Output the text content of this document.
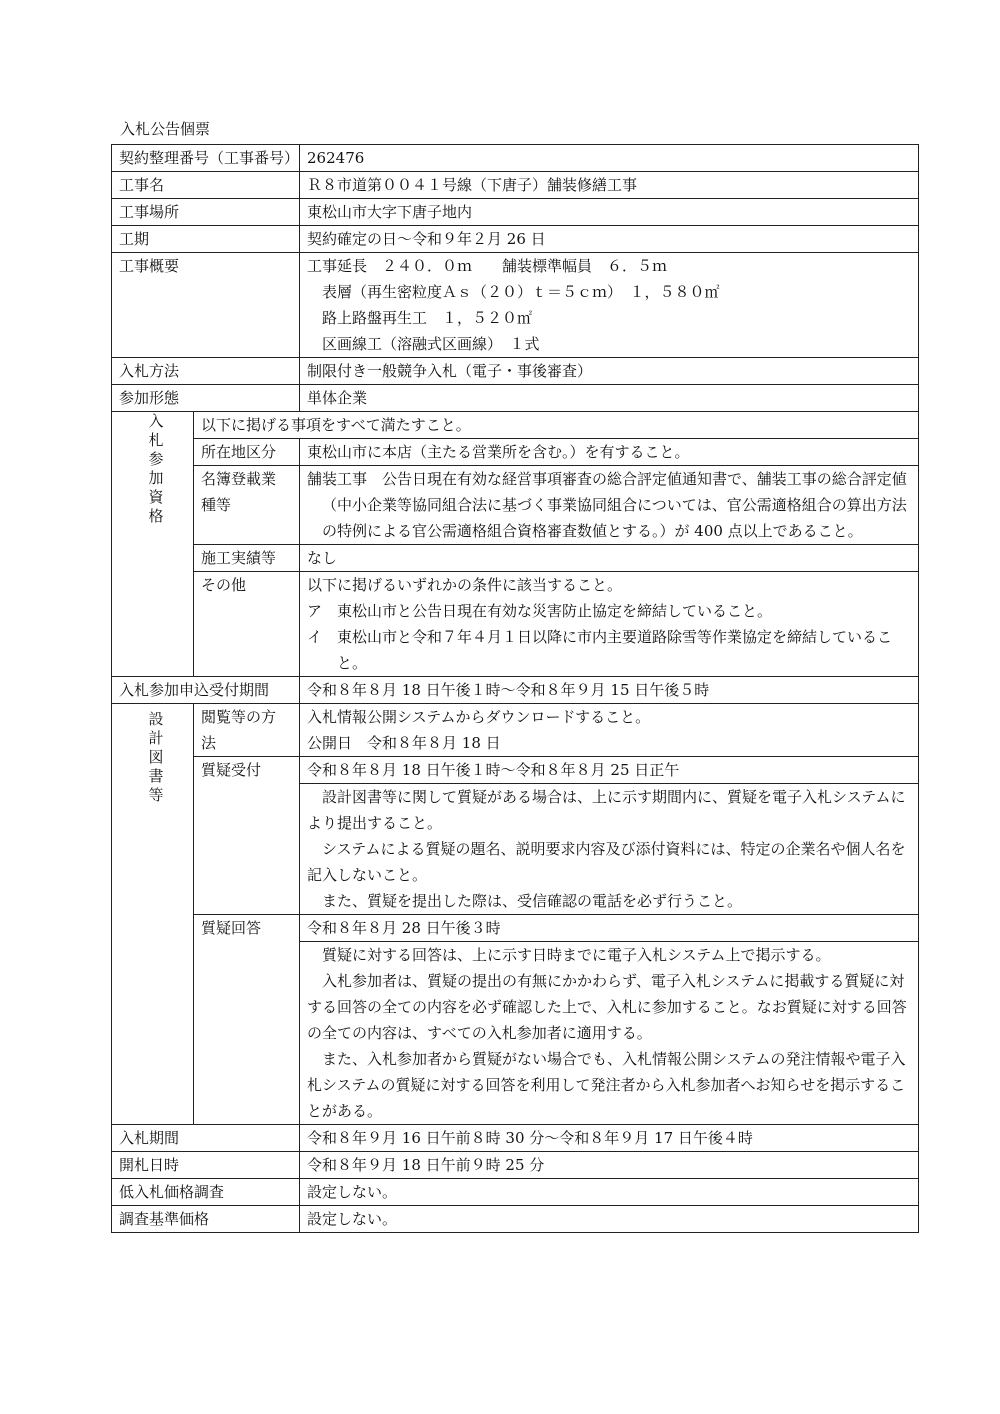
入札公告個票
契約整理番号（工事番号）		262476
工事名		Ｒ８市道第００４１号線（下唐子）舗装修繕工事
工事場所		東松山市大字下唐子地内
工期		契約確定の日～令和９年２月 26 日
工事概要		工事延長　２４０．０ｍ　　舗装標準幅員　６．５ｍ
表層（再生密粒度Ａｓ（２０）ｔ＝５ｃｍ）　１，５８０㎡
路上路盤再生工　１，５２０㎡
区画線工（溶融式区画線）　１式

入札方法		制限付き一般競争入札（電子・事後審査）
参加形態		単体企業
入札参加資格	以下に掲げる事項をすべて満たすこと。	
	所在地区分	東松山市に本店（主たる営業所を含む。）を有すること。

	名簿登載業
種等	舗装工事　公告日現在有効な経営事項審査の総合評定値通知書で、舗装工事の総合評定値（中小企業等協同組合法に基づく事業協同組合については、官公需適格組合の算出方法の特例による官公需適格組合資格審査数値とする。）が 400 点以上であること。

	施工実績等	なし
	その他	以下に掲げるいずれかの条件に該当すること。
ア　東松山市と公告日現在有効な災害防止協定を締結していること。
イ　東松山市と令和７年４月１日以降に市内主要道路除雪等作業協定を締結していること。

入札参加申込受付期間		令和８年８月 18 日午後１時～令和８年９月 15 日午後５時
設計図書等	閲覧等の方
法	入札情報公開システムからダウンロードすること。
公開日　令和８年８月 18 日

	質疑受付	令和８年８月 18 日午後１時～令和８年８月 25 日正午

		設計図書等に関して質疑がある場合は、上に示す期間内に、質疑を電子入札システムにより提出すること。
システムによる質疑の題名、説明要求内容及び添付資料には、特定の企業名や個人名を記入しないこと。
また、質疑を提出した際は、受信確認の電話を必ず行うこと。

	質疑回答	令和８年８月 28 日午後３時

		質疑に対する回答は、上に示す日時までに電子入札システム上で掲示する。
入札参加者は、質疑の提出の有無にかかわらず、電子入札システムに掲載する質疑に対する回答の全ての内容を必ず確認した上で、入札に参加すること。なお質疑に対する回答の全ての内容は、すべての入札参加者に適用する。
また、入札参加者から質疑がない場合でも、入札情報公開システムの発注情報や電子入札システムの質疑に対する回答を利用して発注者から入札参加者へお知らせを掲示することがある。

入札期間		令和８年９月 16 日午前８時 30 分～令和８年９月 17 日午後４時
開札日時		令和８年９月 18 日午前９時 25 分
低入札価格調査		設定しない。
調査基準価格		設定しない。
